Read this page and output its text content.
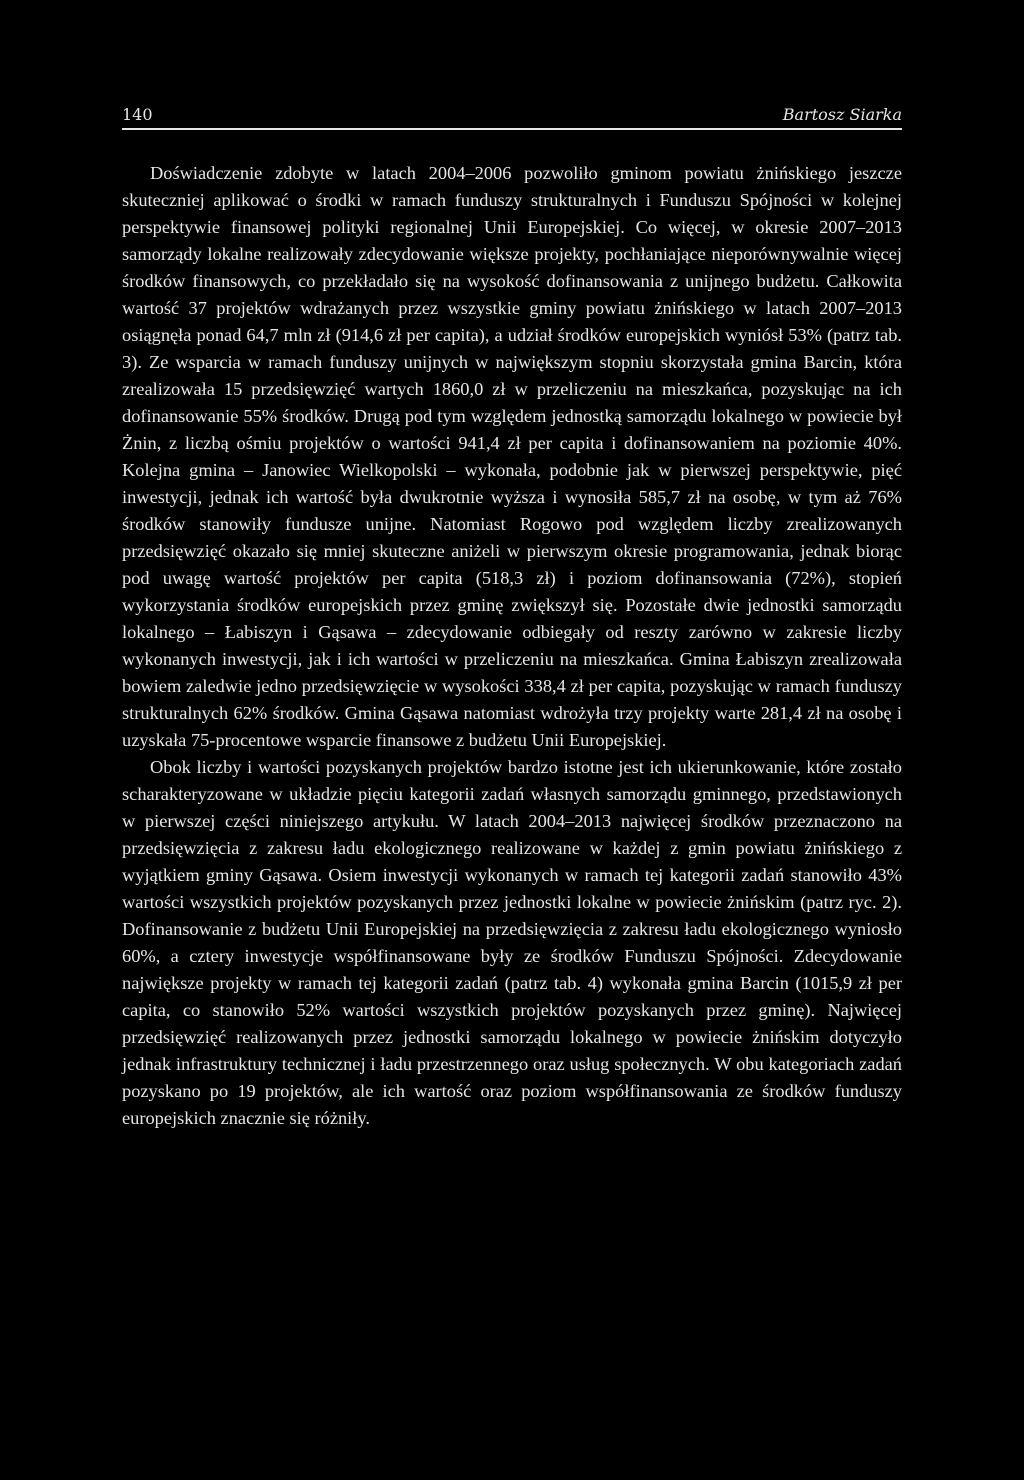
140	Bartosz Siarka

Doświadczenie zdobyte w latach 2004–2006 pozwoliło gminom powiatu żnińskiego jeszcze skuteczniej aplikować o środki w ramach funduszy strukturalnych i Funduszu Spójności w kolejnej perspektywie finansowej polityki regionalnej Unii Europejskiej. Co więcej, w okresie 2007–2013 samorządy lokalne realizowały zdecydowanie większe projekty, pochłaniające nieporównywalnie więcej środków finansowych, co przekładało się na wysokość dofinansowania z unijnego budżetu. Całkowita wartość 37 projektów wdrażanych przez wszystkie gminy powiatu żnińskiego w latach 2007–2013 osiągnęła ponad 64,7 mln zł (914,6 zł per capita), a udział środków europejskich wyniósł 53% (patrz tab. 3). Ze wsparcia w ramach funduszy unijnych w największym stopniu skorzystała gmina Barcin, która zrealizowała 15 przedsięwzięć wartych 1860,0 zł w przeliczeniu na mieszkańca, pozyskując na ich dofinansowanie 55% środków. Drugą pod tym względem jednostką samorządu lokalnego w powiecie był Żnin, z liczbą ośmiu projektów o wartości 941,4 zł per capita i dofinansowaniem na poziomie 40%. Kolejna gmina – Janowiec Wielkopolski – wykonała, podobnie jak w pierwszej perspektywie, pięć inwestycji, jednak ich wartość była dwukrotnie wyższa i wynosiła 585,7 zł na osobę, w tym aż 76% środków stanowiły fundusze unijne. Natomiast Rogowo pod względem liczby zrealizowanych przedsięwzięć okazało się mniej skuteczne aniżeli w pierwszym okresie programowania, jednak biorąc pod uwagę wartość projektów per capita (518,3 zł) i poziom dofinansowania (72%), stopień wykorzystania środków europejskich przez gminę zwiększył się. Pozostałe dwie jednostki samorządu lokalnego – Łabiszyn i Gąsawa – zdecydowanie odbiegały od reszty zarówno w zakresie liczby wykonanych inwestycji, jak i ich wartości w przeliczeniu na mieszkańca. Gmina Łabiszyn zrealizowała bowiem zaledwie jedno przedsięwzięcie w wysokości 338,4 zł per capita, pozyskując w ramach funduszy strukturalnych 62% środków. Gmina Gąsawa natomiast wdrożyła trzy projekty warte 281,4 zł na osobę i uzyskała 75-procentowe wsparcie finansowe z budżetu Unii Europejskiej.

Obok liczby i wartości pozyskanych projektów bardzo istotne jest ich ukierunkowanie, które zostało scharakteryzowane w układzie pięciu kategorii zadań własnych samorządu gminnego, przedstawionych w pierwszej części niniejszego artykułu. W latach 2004–2013 najwięcej środków przeznaczono na przedsięwzięcia z zakresu ładu ekologicznego realizowane w każdej z gmin powiatu żnińskiego z wyjątkiem gminy Gąsawa. Osiem inwestycji wykonanych w ramach tej kategorii zadań stanowiło 43% wartości wszystkich projektów pozyskanych przez jednostki lokalne w powiecie żnińskim (patrz ryc. 2). Dofinansowanie z budżetu Unii Europejskiej na przedsięwzięcia z zakresu ładu ekologicznego wyniosło 60%, a cztery inwestycje współfinansowane były ze środków Funduszu Spójności. Zdecydowanie największe projekty w ramach tej kategorii zadań (patrz tab. 4) wykonała gmina Barcin (1015,9 zł per capita, co stanowiło 52% wartości wszystkich projektów pozyskanych przez gminę). Najwięcej przedsięwzięć realizowanych przez jednostki samorządu lokalnego w powiecie żnińskim dotyczyło jednak infrastruktury technicznej i ładu przestrzennego oraz usług społecznych. W obu kategoriach zadań pozyskano po 19 projektów, ale ich wartość oraz poziom współfinansowania ze środków funduszy europejskich znacznie się różniły.
